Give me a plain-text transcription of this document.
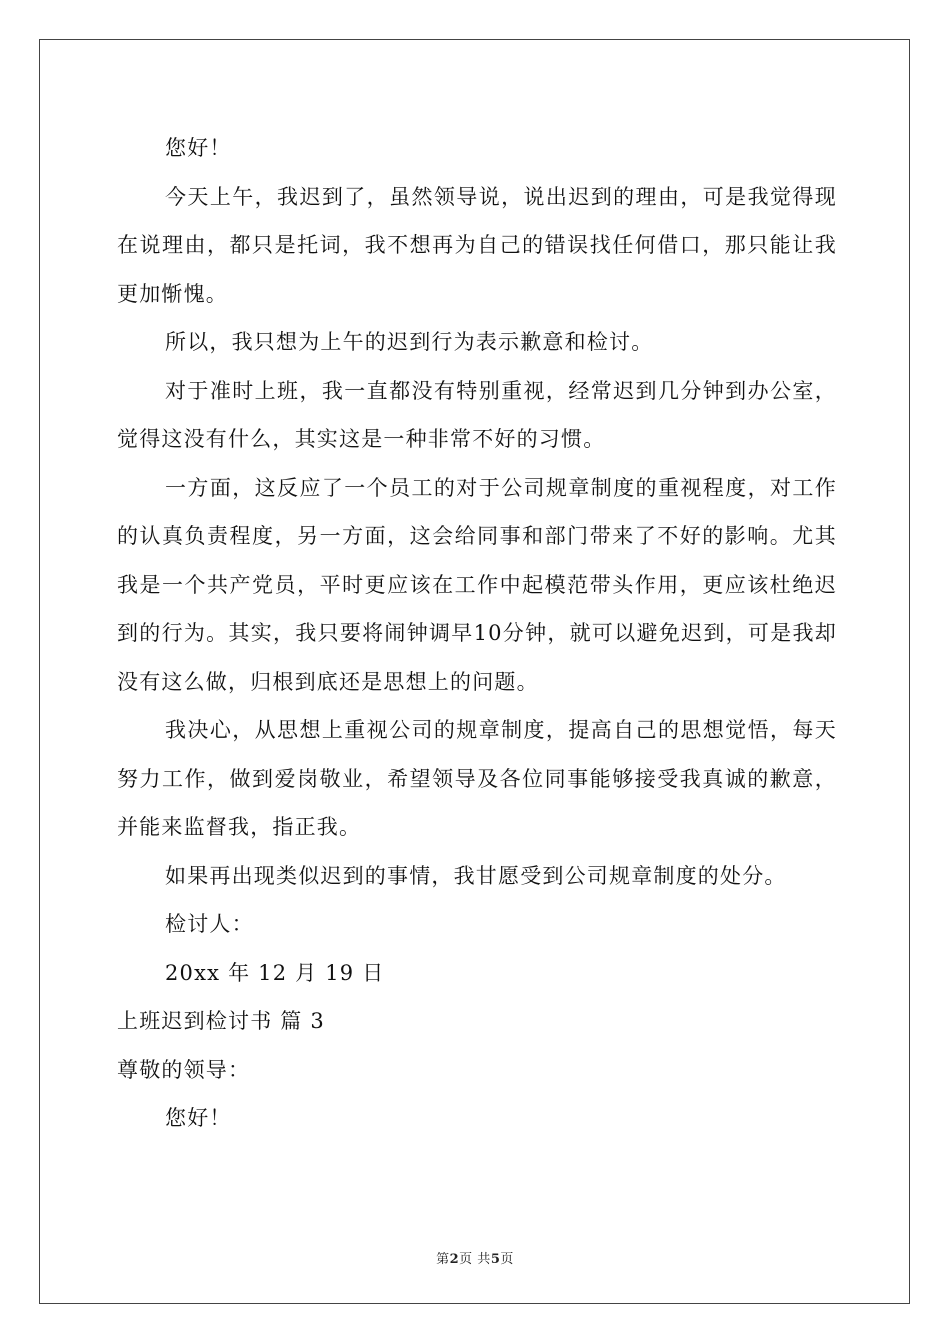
您好！

今天上午，我迟到了，虽然领导说，说出迟到的理由，可是我觉得现在说理由，都只是托词，我不想再为自己的错误找任何借口，那只能让我更加惭愧。

所以，我只想为上午的迟到行为表示歉意和检讨。

对于准时上班，我一直都没有特别重视，经常迟到几分钟到办公室，觉得这没有什么，其实这是一种非常不好的习惯。

一方面，这反应了一个员工的对于公司规章制度的重视程度，对工作的认真负责程度，另一方面，这会给同事和部门带来了不好的影响。尤其我是一个共产党员，平时更应该在工作中起模范带头作用，更应该杜绝迟到的行为。其实，我只要将闹钟调早10分钟，就可以避免迟到，可是我却没有这么做，归根到底还是思想上的问题。

我决心，从思想上重视公司的规章制度，提高自己的思想觉悟，每天努力工作，做到爱岗敬业，希望领导及各位同事能够接受我真诚的歉意，并能来监督我，指正我。

如果再出现类似迟到的事情，我甘愿受到公司规章制度的处分。

检讨人：

20xx 年 12 月 19 日

上班迟到检讨书 篇 3

尊敬的领导：

您好！

第2页 共5页
